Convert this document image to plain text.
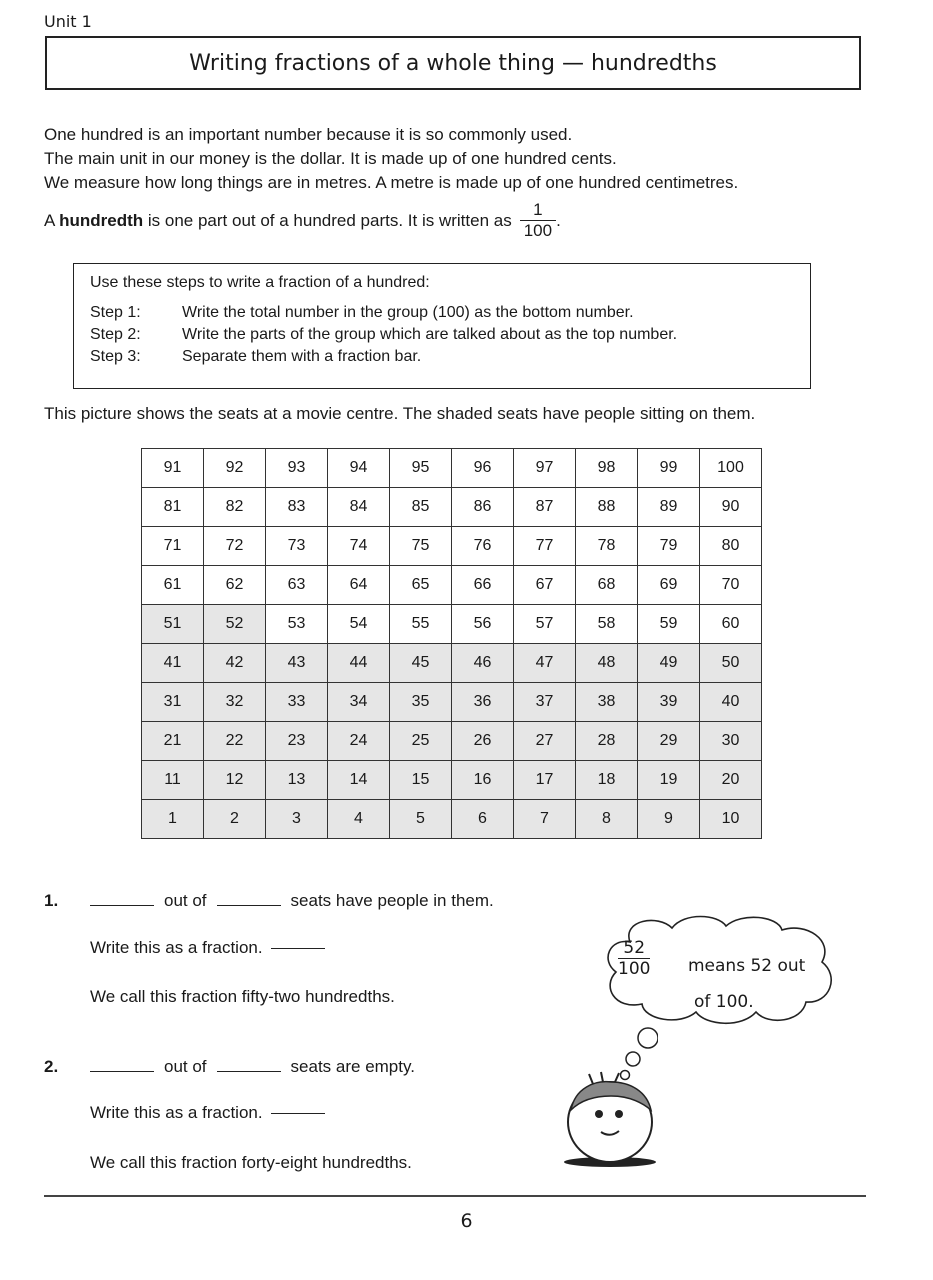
Unit 1
Writing fractions of a whole thing — hundredths

One hundred is an important number because it is so commonly used.

The main unit in our money is the dollar. It is made up of one hundred cents.

We measure how long things are in metres. A metre is made up of one hundred centimetres.

A hundredth is one part out of a hundred parts. It is written as $\frac{1}{100}$ .

Use these steps to write a fraction of a hundred:

Step 1:	Write the total number in the group (100) as the bottom number.
Step 2:	Write the parts of the group which are talked about as the top number.
Step 3:	Separate them with a fraction bar.
This picture shows the seats at a movie centre. The shaded seats have people sitting on them.
91	92	93	94	95	96	97	98	99	100
81	82	83	84	85	86	87	88	89	90
71	72	73	74	75	76	77	78	79	80
61	62	63	64	65	66	67	68	69	70
51	52	53	54	55	56	57	58	59	60
41	42	43	44	45	46	47	48	49	50
31	32	33	34	35	36	37	38	39	40
21	22	23	24	25	26	27	28	29	30
11	12	13	14	15	16	17	18	19	20
1	2	3	4	5	6	7	8	9	10
1.	out of	seats have people in them.
Write this as a fraction.
We call this fraction fifty-two hundredths.
2.	out of	seats are empty.
Write this as a fraction.
We call this fraction forty-eight hundredths.
$\frac{52}{100}$ means 52 out
of 100.
6
